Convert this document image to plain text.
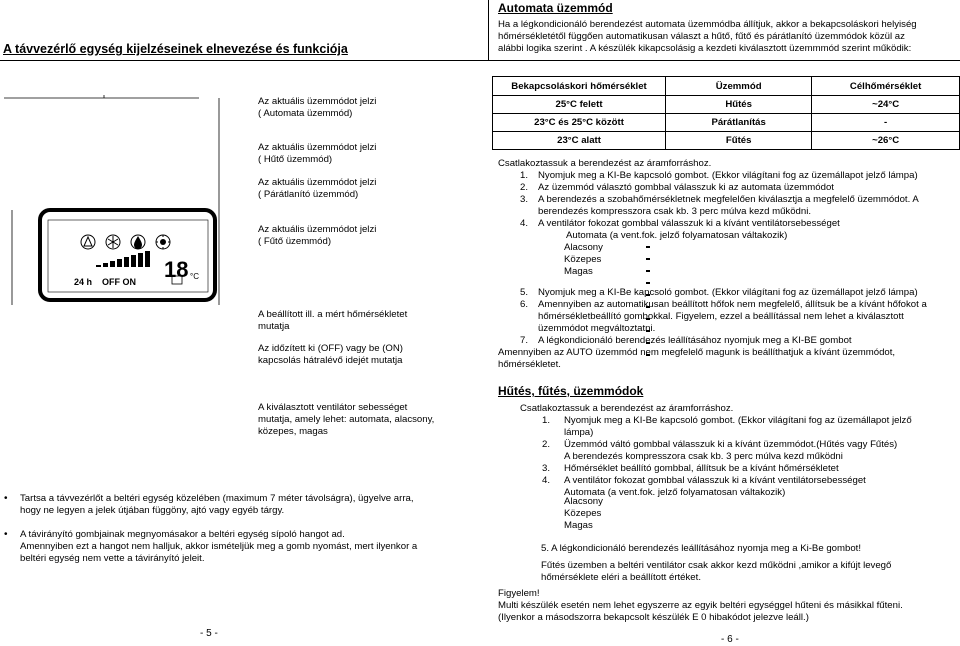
A távvezérlő egység kijelzéseinek elnevezése és funkciója
18 °C
24 h OFF ON
Az aktuális üzemmódot jelzi
( Automata üzemmód)
Az aktuális üzemmódot jelzi
( Hűtő üzemmód)
Az aktuális üzemmódot jelzi
( Párátlanító üzemmód)
Az aktuális üzemmódot jelzi
( Fűtő üzemmód)
A beállított ill. a mért hőmérsékletet
mutatja
Az időzített ki (OFF) vagy be (ON)
kapcsolás hátralévő idejét mutatja
A kiválasztott ventilátor sebességet
mutatja, amely lehet: automata, alacsony,
közepes, magas
• Tartsa a távvezérlőt a beltéri egység közelében (maximum 7 méter távolságra), ügyelve arra,
hogy ne legyen a jelek útjában függöny, ajtó vagy egyéb tárgy.
• A távirányító gombjainak megnyomásakor a beltéri egység sípoló hangot ad.
Amennyiben ezt a hangot nem halljuk, akkor ismételjük meg a gomb nyomást, mert ilyenkor a
beltéri egység nem vette a távirányító jeleit.
- 5 -
Automata üzemmód
Ha a légkondicionáló berendezést automata üzemmódba állítjuk, akkor a bekapcsoláskori helyiség
hőmérsékletétől függően automatikusan választ a hűtő, fűtő és párátlanító üzemmódok közül az
alábbi logika szerint . A készülék kikapcsolásig a kezdeti kiválasztott üzemmmód szerint működik:
Bekapcsoláskori hőmérséklet	Üzemmód	Célhőmérséklet
25°C felett	Hűtés	~24°C
23°C és 25°C között	Párátlanítás	-
23°C alatt	Fűtés	~26°C
Csatlakoztassuk a berendezést az áramforráshoz.
1.	Nyomjuk meg a KI-Be kapcsoló gombot. (Ekkor világítani fog az üzemállapot jelző lámpa)
2.	Az üzemmód választó gombbal válasszuk ki az automata üzemmódot
3.	A berendezés a szobahőmérsékletnek megfelelően kiválasztja a megfelelő üzemmódot. A
berendezés kompresszora csak kb. 3 perc múlva kezd működni.
4.	A ventilátor fokozat gombbal válasszuk ki a kívánt ventilátorsebességet
Automata (a vent.fok. jelző folyamatosan váltakozik)
Alacsony
Közepes
Magas
5.	Nyomjuk meg a KI-Be kapcsoló gombot. (Ekkor világítani fog az üzemállapot jelző lámpa)
6.	Amennyiben az automatikusan beállított hőfok nem megfelelő, állítsuk be a kívánt hőfokot a
hőmérsékletbeállító gombokkal. Figyelem, ezzel a beállítással nem lehet a kiválasztott
üzemmódot megváltoztatni.
7.	A légkondicionáló berendezés leállításához nyomjuk meg a KI-BE gombot
Amennyiben az AUTO üzemmód nem megfelelő magunk is beállíthatjuk a kívánt üzemmódot,
hőmérsékletet.
Hűtés, fűtés, üzemmódok
Csatlakoztassuk a berendezést az áramforráshoz.
1.	Nyomjuk meg a KI-Be kapcsoló gombot. (Ekkor világítani fog az üzemállapot jelző
lámpa)
2.	Üzemmód váltó gombbal válasszuk ki a kívánt üzemmódot.(Hűtés vagy Fűtés)
A berendezés kompresszora csak kb. 3 perc múlva kezd működni
3.	Hőmérséklet beállító gombbal, állítsuk be a kívánt hőmérsékletet
4.	A ventilátor fokozat gombbal válasszuk ki a kívánt ventilátorsebességet
Automata (a vent.fok. jelző folyamatosan váltakozik)
Alacsony
Közepes
Magas
5. A légkondicionáló berendezés leállításához nyomja meg a Ki-Be gombot!
Fűtés üzemben a beltéri ventilátor csak akkor kezd működni ,amikor a kifújt levegő
hőmérséklete eléri a beállított értéket.
Figyelem!
Multi készülék esetén nem lehet egyszerre az egyik beltéri egységgel hűteni és másikkal fűteni.
(Ilyenkor a másodszorra bekapcsolt készülék E 0 hibakódot jelezve leáll.)
- 6 -
